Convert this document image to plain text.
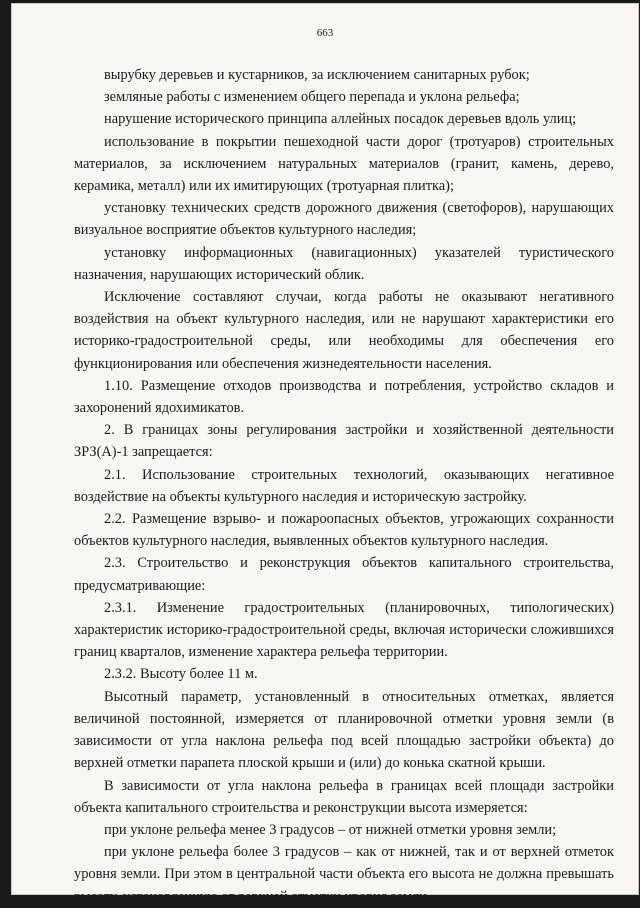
663

вырубку деревьев и кустарников, за исключением санитарных рубок;

земляные работы с изменением общего перепада и уклона рельефа;

нарушение исторического принципа аллейных посадок деревьев вдоль улиц;

использование в покрытии пешеходной части дорог (тротуаров) строительных материалов, за исключением натуральных материалов (гранит, камень, дерево, керамика, металл) или их имитирующих (тротуарная плитка);

установку технических средств дорожного движения (светофоров), нарушающих визуальное восприятие объектов культурного наследия;

установку информационных (навигационных) указателей туристического назначения, нарушающих исторический облик.

Исключение составляют случаи, когда работы не оказывают негативного воздействия на объект культурного наследия, или не нарушают характеристики его историко-градостроительной среды, или необходимы для обеспечения его функционирования или обеспечения жизнедеятельности населения.

1.10. Размещение отходов производства и потребления, устройство складов и захоронений ядохимикатов.

2. В границах зоны регулирования застройки и хозяйственной деятельности ЗРЗ(А)-1 запрещается:

2.1. Использование строительных технологий, оказывающих негативное воздействие на объекты культурного наследия и историческую застройку.

2.2. Размещение взрыво- и пожароопасных объектов, угрожающих сохранности объектов культурного наследия, выявленных объектов культурного наследия.

2.3. Строительство и реконструкция объектов капитального строительства, предусматривающие:

2.3.1. Изменение градостроительных (планировочных, типологических) характеристик историко-градостроительной среды, включая исторически сложившихся границ кварталов, изменение характера рельефа территории.

2.3.2. Высоту более 11 м.

Высотный параметр, установленный в относительных отметках, является величиной постоянной, измеряется от планировочной отметки уровня земли (в зависимости от угла наклона рельефа под всей площадью застройки объекта) до верхней отметки парапета плоской крыши и (или) до конька скатной крыши.

В зависимости от угла наклона рельефа в границах всей площади застройки объекта капитального строительства и реконструкции высота измеряется:

при уклоне рельефа менее 3 градусов – от нижней отметки уровня земли;

при уклоне рельефа более 3 градусов – как от нижней, так и от верхней отметок уровня земли. При этом в центральной части объекта его высота не должна превышать высоту, установленную от верхней отметки уровня земли.
